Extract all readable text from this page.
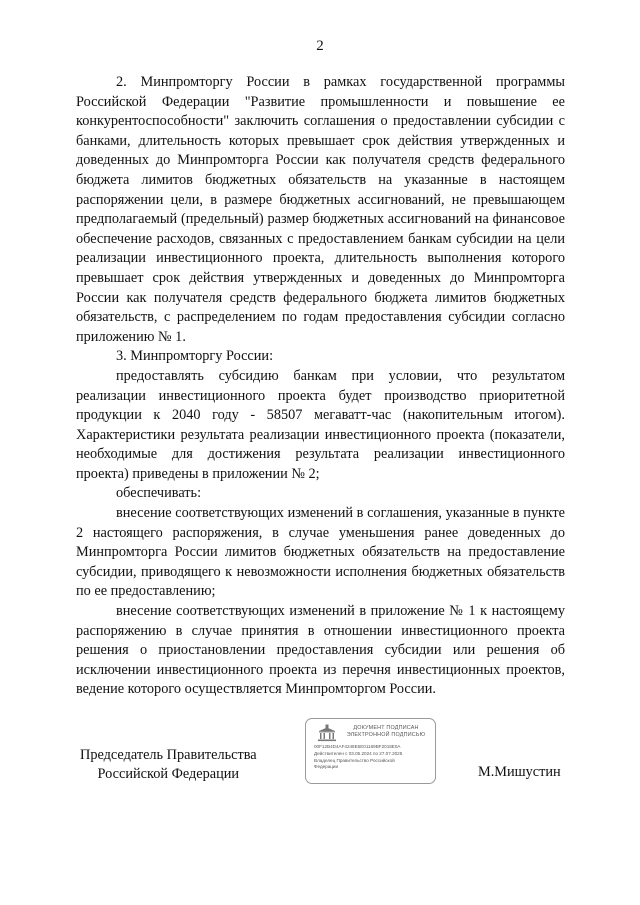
2

2. Минпромторгу России в рамках государственной программы Российской Федерации "Развитие промышленности и повышение ее конкурентоспособности" заключить соглашения о предоставлении субсидии с банками, длительность которых превышает срок действия утвержденных и доведенных до Минпромторга России как получателя средств федерального бюджета лимитов бюджетных обязательств на указанные в настоящем распоряжении цели, в размере бюджетных ассигнований, не превышающем предполагаемый (предельный) размер бюджетных ассигнований на финансовое обеспечение расходов, связанных с предоставлением банкам субсидии на цели реализации инвестиционного проекта, длительность выполнения которого превышает срок действия утвержденных и доведенных до Минпромторга России как получателя средств федерального бюджета лимитов бюджетных обязательств, с распределением по годам предоставления субсидии согласно приложению № 1.

3. Минпромторгу России:

предоставлять субсидию банкам при условии, что результатом реализации инвестиционного проекта будет производство приоритетной продукции к 2040 году - 58507 мегаватт-час (накопительным итогом). Характеристики результата реализации инвестиционного проекта (показатели, необходимые для достижения результата реализации инвестиционного проекта) приведены в приложении № 2;

обеспечивать:

внесение соответствующих изменений в соглашения, указанные в пункте 2 настоящего распоряжения, в случае уменьшения ранее доведенных до Минпромторга России лимитов бюджетных обязательств на предоставление субсидии, приводящего к невозможности исполнения бюджетных обязательств по ее предоставлению;

внесение соответствующих изменений в приложение № 1 к настоящему распоряжению в случае принятия в отношении инвестиционного проекта решения о приостановлении предоставления субсидии или решения об исключении инвестиционного проекта из перечня инвестиционных проектов, ведение которого осуществляется Минпромторгом России.

Председатель Правительства
Российской Федерации
ДОКУМЕНТ ПОДПИСАН
ЭЛЕКТРОННОЙ ПОДПИСЬЮ
00F12B4D4AF4248E5E01169BF2018E0A
Действителен с 03.05.2024 по 27.07.2025
Владелец Правительство Российской
Федерации	М.Мишустин
